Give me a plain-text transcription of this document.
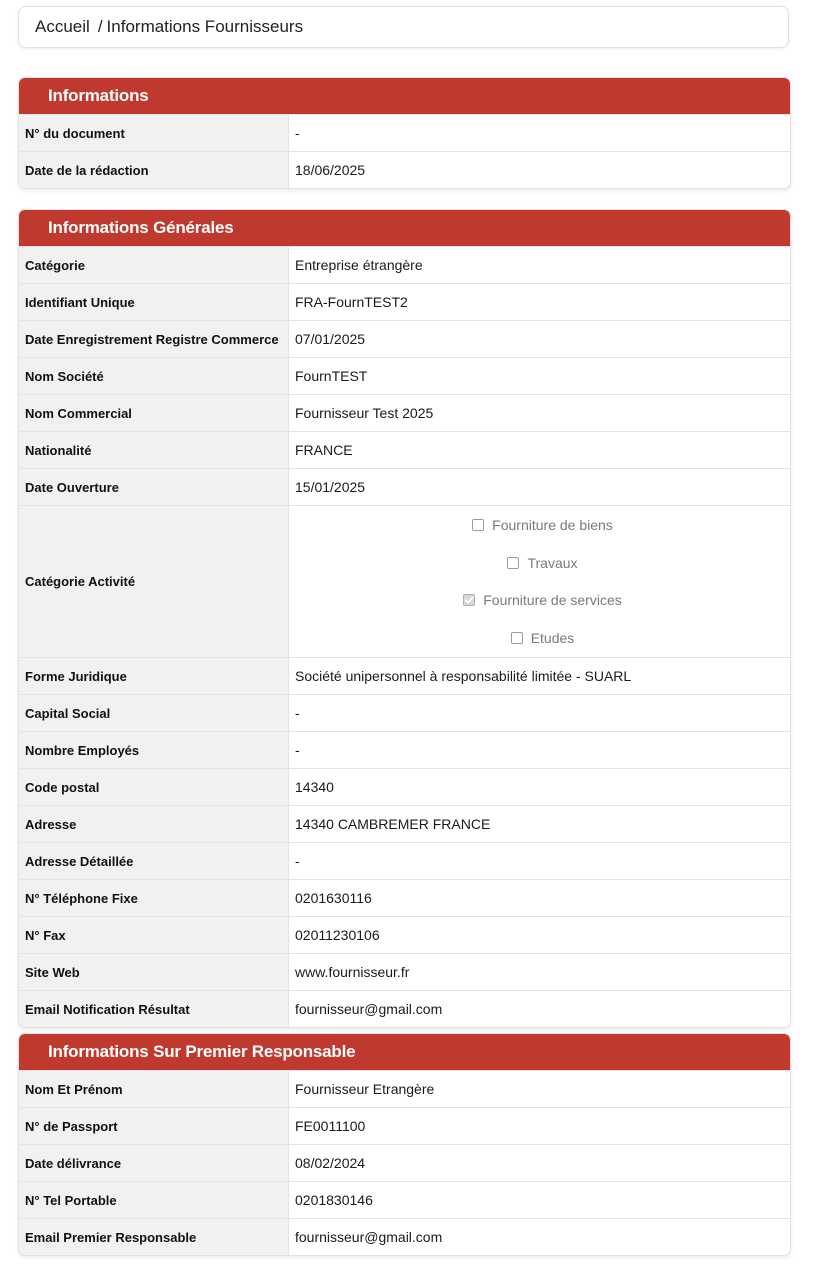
Accueil / Informations Fournisseurs
Informations
N° du document	-
Date de la rédaction	18/06/2025
Informations Générales
Catégorie	Entreprise étrangère
Identifiant Unique	FRA-FournTEST2
Date Enregistrement Registre Commerce	07/01/2025
Nom Société	FournTEST
Nom Commercial	Fournisseur Test 2025
Nationalité	FRANCE
Date Ouverture	15/01/2025
Catégorie Activité
Fourniture de biens
Travaux
Fourniture de services
Etudes
Forme Juridique	Société unipersonnel à responsabilité limitée - SUARL
Capital Social	-
Nombre Employés	-
Code postal	14340
Adresse	14340 CAMBREMER FRANCE
Adresse Détaillée	-
N° Téléphone Fixe	0201630116
N° Fax	02011230106
Site Web	www.fournisseur.fr
Email Notification Résultat	fournisseur@gmail.com
Informations Sur Premier Responsable
Nom Et Prénom	Fournisseur Etrangère
N° de Passport	FE0011100
Date délivrance	08/02/2024
N° Tel Portable	0201830146
Email Premier Responsable	fournisseur@gmail.com
